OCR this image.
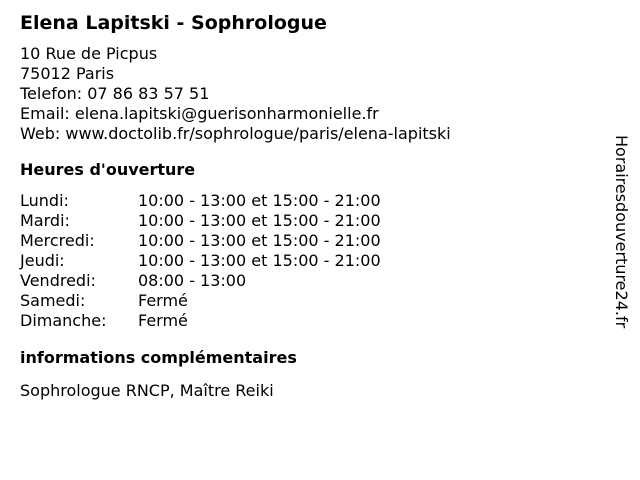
Elena Lapitski - Sophrologue
10 Rue de Picpus
75012 Paris
Telefon: 07 86 83 57 51
Email: elena.lapitski@guerisonharmonielle.fr
Web: www.doctolib.fr/sophrologue/paris/elena-lapitski
Heures d'ouverture
Lundi:	10:00 - 13:00 et 15:00 - 21:00
Mardi:	10:00 - 13:00 et 15:00 - 21:00
Mercredi:	10:00 - 13:00 et 15:00 - 21:00
Jeudi:	10:00 - 13:00 et 15:00 - 21:00
Vendredi:	08:00 - 13:00
Samedi:	Fermé
Dimanche:	Fermé
informations complémentaires
Sophrologue RNCP, Maître Reiki
Horairesdouverture24.fr
